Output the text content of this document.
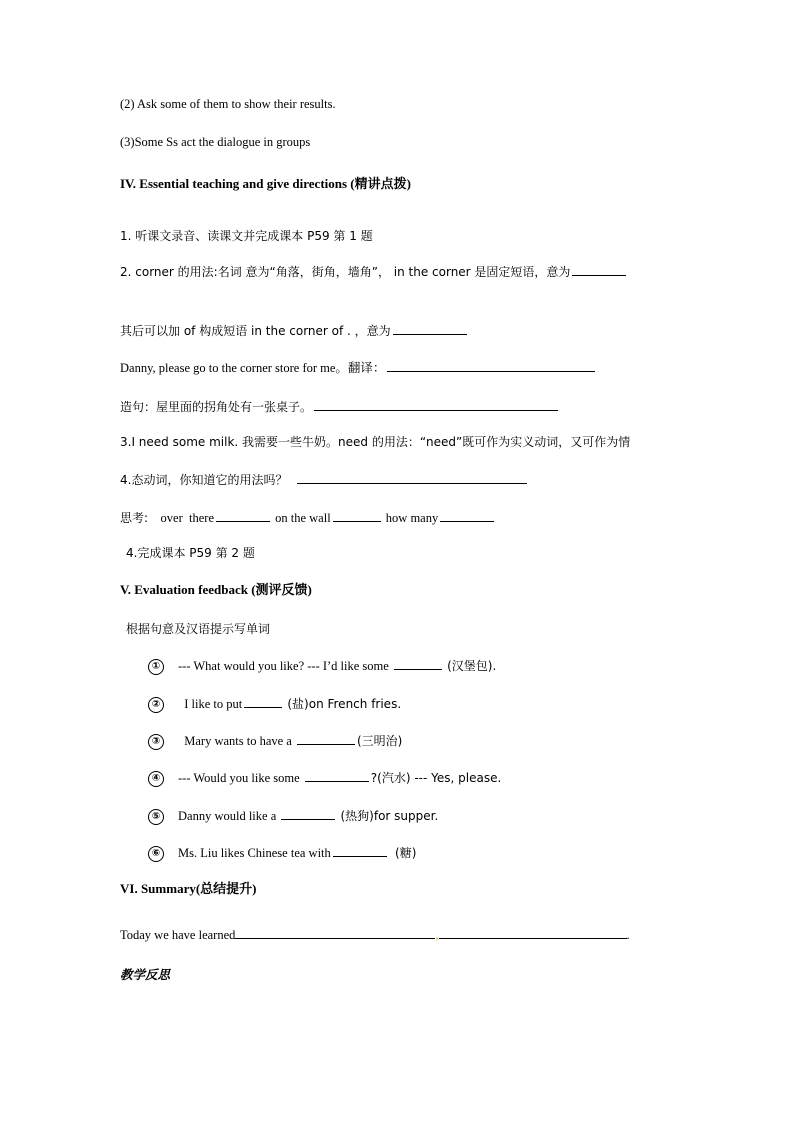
(2) Ask some of them to show their results.
(3)Some Ss act the dialogue in groups
IV. Essential teaching and give directions (精讲点拨)
1. 听课文录音、读课文并完成课本 P59 第 1 题
2. corner 的用法:名词 意为“角落，街角，墙角”， in the corner 是固定短语，意为
其后可以加 of 构成短语 in the corner of . ，意为
Danny, please go to the corner store for me。翻译：
造句：屋里面的拐角处有一张桌子。
3.I need some milk. 我需要一些牛奶。need 的用法：“need”既可作为实义动词，又可作为情
4.态动词，你知道它的用法吗？
思考: over there	on the wall	how many
4.完成课本 P59 第 2 题
V. Evaluation feedback (测评反馈)
根据句意及汉语提示写单词
① --- What would you like? --- I’d like some	(汉堡包).
② I like to put	(盐)on French fries.
③ Mary wants to have a	(三明治)
④ --- Would you like some	?(汽水) --- Yes, please.
⑤ Danny would like a	(热狗)for supper.
⑥ Ms. Liu likes Chinese tea with	(糖)
VI. Summary(总结提升)
Today we have learned	,	.
教学反思
